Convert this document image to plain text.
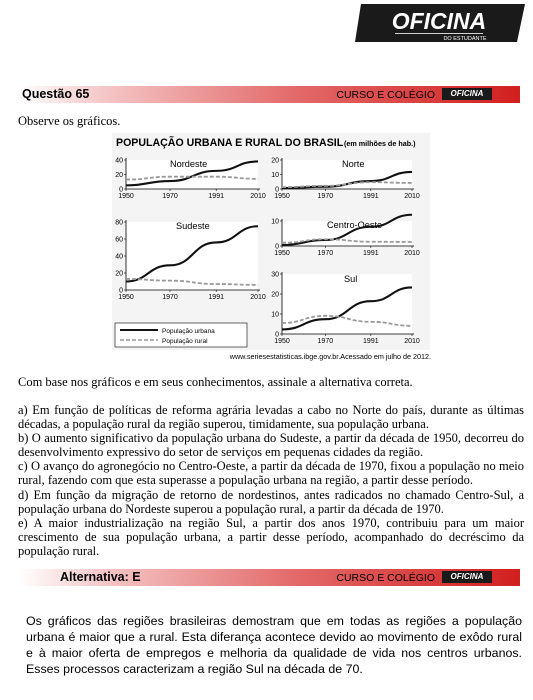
OFICINA
DO ESTUDANTE
Questão 65	CURSO E COLÉGIO	OFICINA
Observe os gráficos.
POPULAÇÃO URBANA E RURAL DO BRASIL (em milhões de hab.)
0
20
40
1950	1970	1991	2010
Nordeste
0
10
20
1950	1970	1991	2010
Norte
0
20
40
60
80
1950	1970	1991	2010
Sudeste
0
10
1950	1970	1991	2010
Centro-Oeste
0
10
20
30
1950	1970	1991	2010
Sul
População urbana
População rural
www.seriesestatisticas.ibge.gov.br.Acessado em julho de 2012.
Com base nos gráficos e em seus conhecimentos, assinale a alternativa correta.

a) Em função de políticas de reforma agrária levadas a cabo no Norte do país, durante as últimas décadas, a população rural da região superou, timidamente, sua população urbana.

b) O aumento significativo da população urbana do Sudeste, a partir da década de 1950, decorreu do desenvolvimento expressivo do setor de serviços em pequenas cidades da região.

c) O avanço do agronegócio no Centro-Oeste, a partir da década de 1970, fixou a população no meio rural, fazendo com que esta superasse a população urbana na região, a partir desse período.

d) Em função da migração de retorno de nordestinos, antes radicados no chamado Centro-Sul, a população urbana do Nordeste superou a população rural, a partir da década de 1970.

e) A maior industrialização na região Sul, a partir dos anos 1970, contribuiu para um maior crescimento de sua população urbana, a partir desse período, acompanhado do decréscimo da população rural.

Alternativa: E	CURSO E COLÉGIO	OFICINA
Os gráficos das regiões brasileiras demostram que em todas as regiões a população urbana é maior que a rural. Esta diferança acontece devido ao movimento de exôdo rural e à maior oferta de empregos e melhoria da qualidade de vida nos centros urbanos. Esses processos caracterizam a região Sul na década de 70.
